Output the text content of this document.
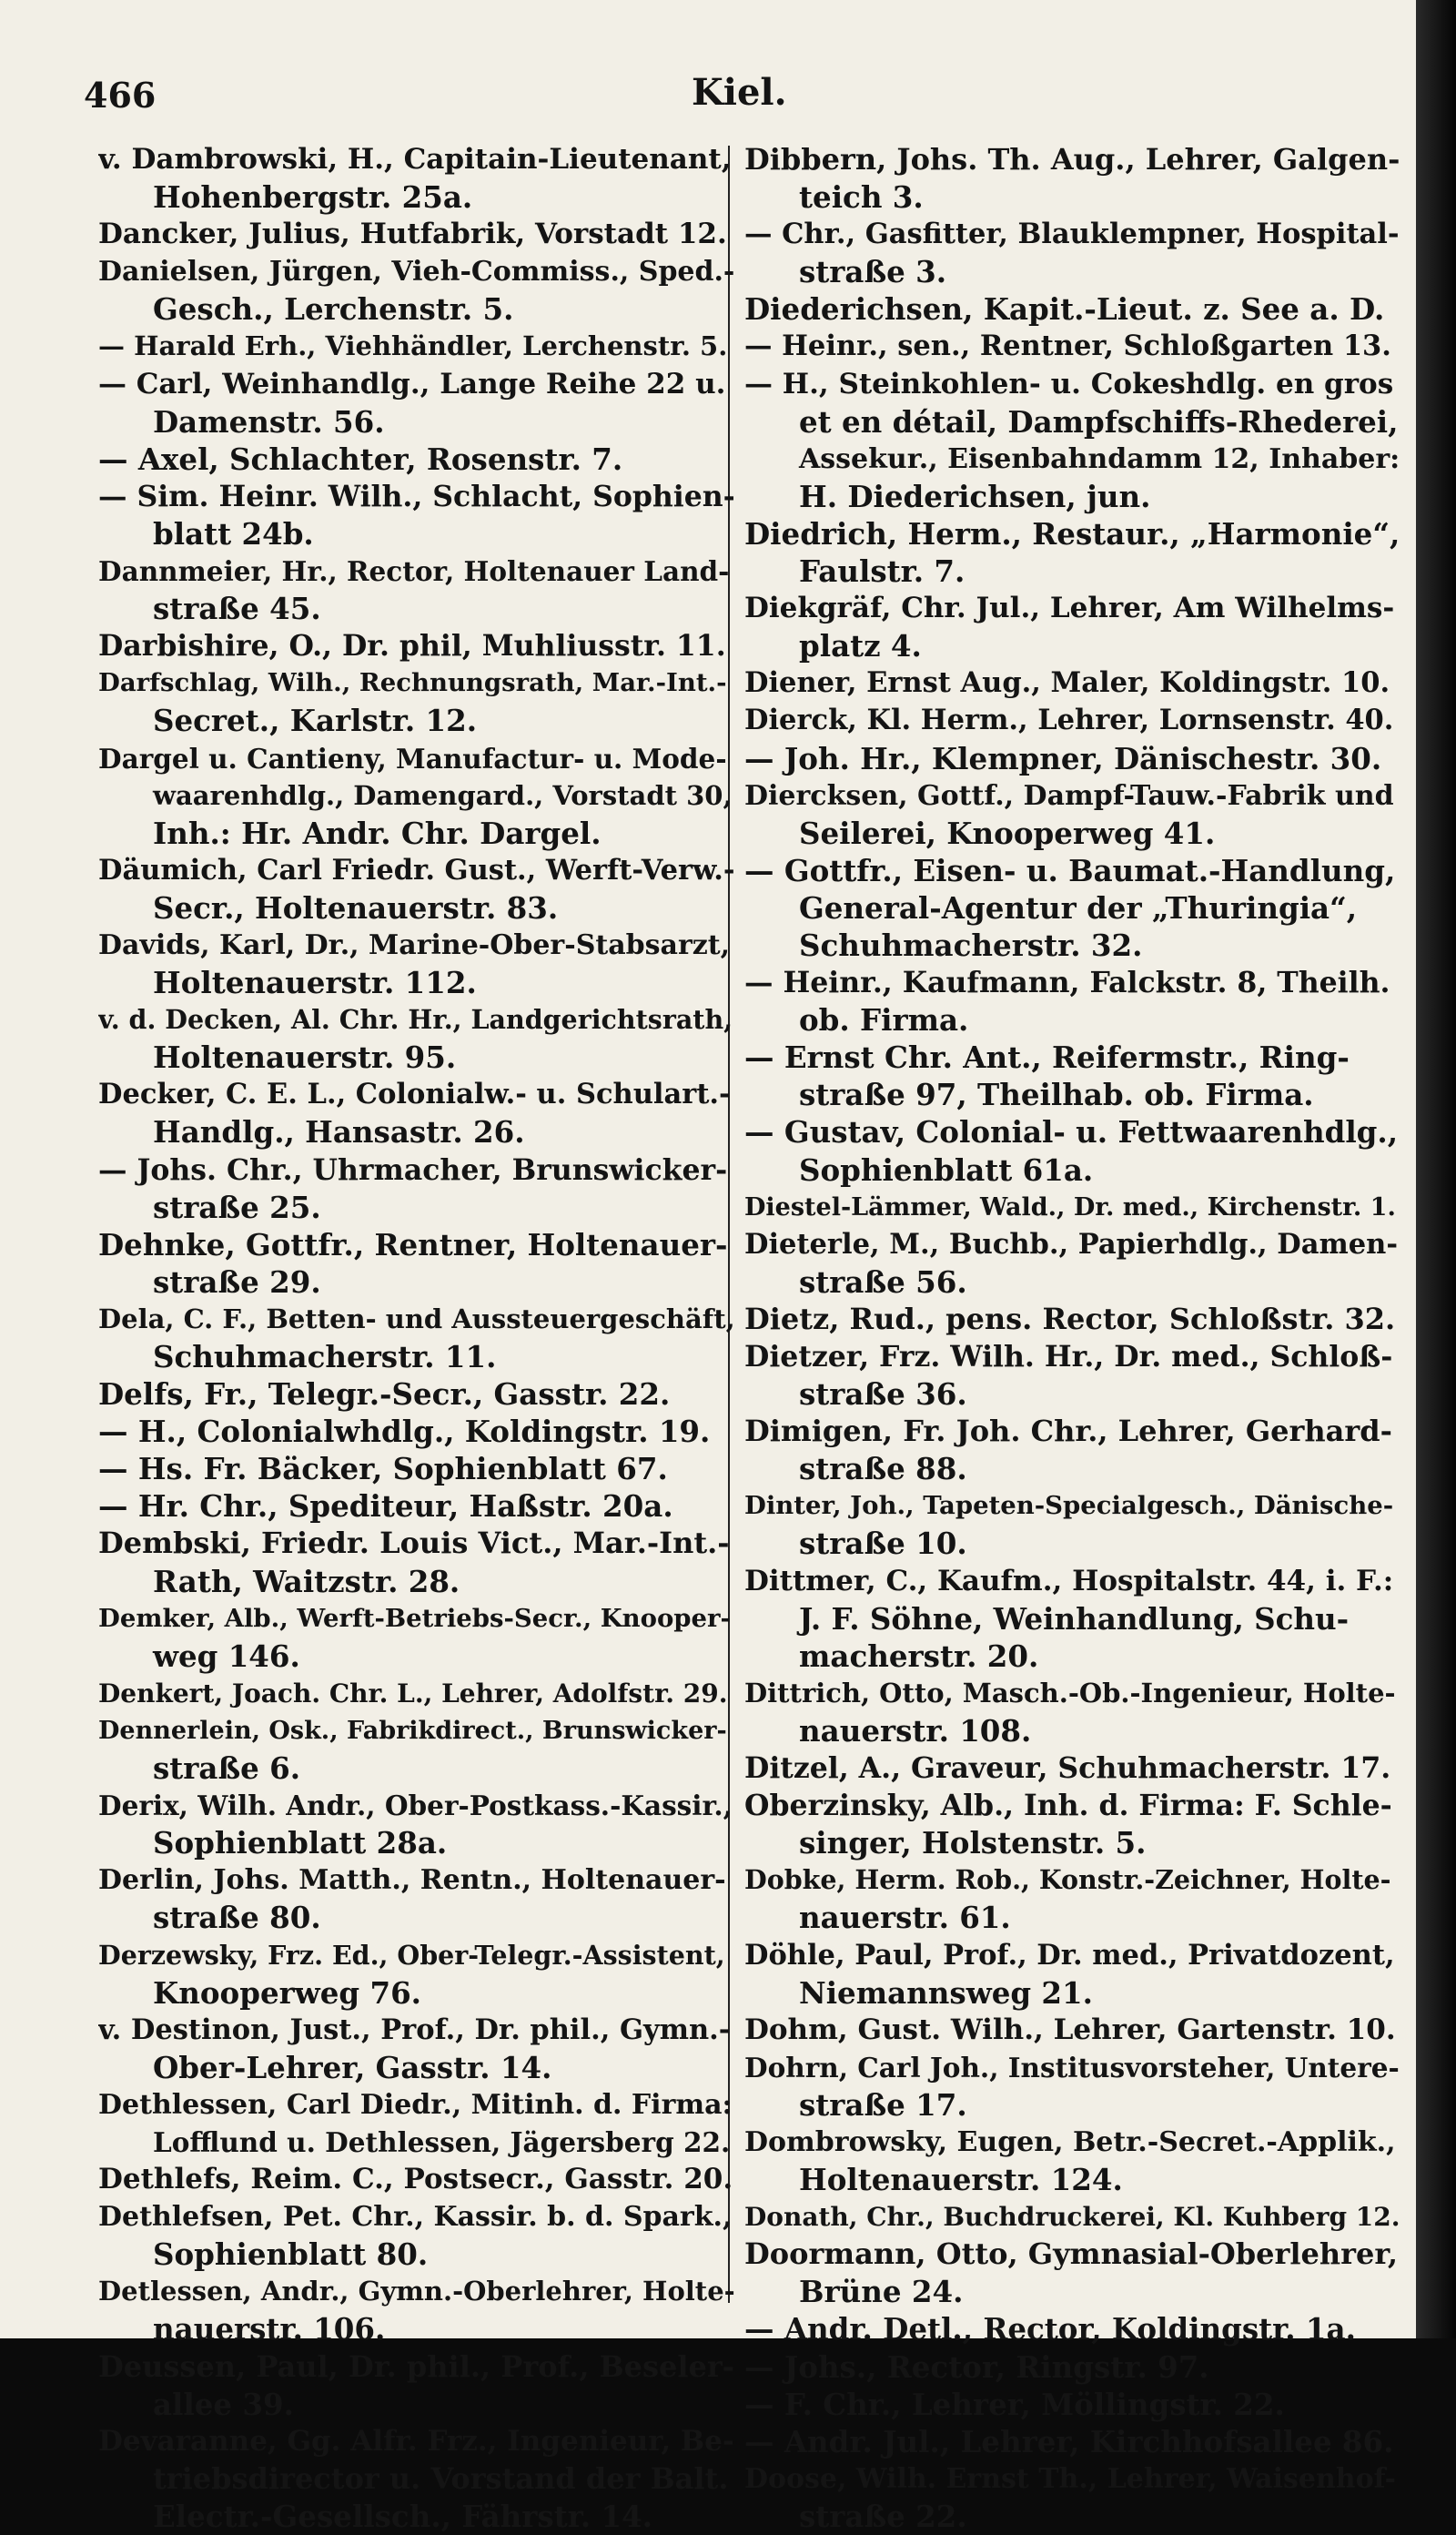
466	Kiel.
v. Dambrowski, H., Capitain-Lieutenant,
Hohenbergstr. 25a.
Dancker, Julius, Hutfabrik, Vorstadt 12.
Danielsen, Jürgen, Vieh-Commiss., Sped.-
Gesch., Lerchenstr. 5.
— Harald Erh., Viehhändler, Lerchenstr. 5.
— Carl, Weinhandlg., Lange Reihe 22 u.
Damenstr. 56.
— Axel, Schlachter, Rosenstr. 7.
— Sim. Heinr. Wilh., Schlacht, Sophien-
blatt 24b.
Dannmeier, Hr., Rector, Holtenauer Land-
straße 45.
Darbishire, O., Dr. phil, Muhliusstr. 11.
Darfschlag, Wilh., Rechnungsrath, Mar.-Int.-
Secret., Karlstr. 12.
Dargel u. Cantieny, Manufactur- u. Mode-
waarenhdlg., Damengard., Vorstadt 30,
Inh.: Hr. Andr. Chr. Dargel.
Däumich, Carl Friedr. Gust., Werft-Verw.-
Secr., Holtenauerstr. 83.
Davids, Karl, Dr., Marine-Ober-Stabsarzt,
Holtenauerstr. 112.
v. d. Decken, Al. Chr. Hr., Landgerichtsrath,
Holtenauerstr. 95.
Decker, C. E. L., Colonialw.- u. Schulart.-
Handlg., Hansastr. 26.
— Johs. Chr., Uhrmacher, Brunswicker-
straße 25.
Dehnke, Gottfr., Rentner, Holtenauer-
straße 29.
Dela, C. F., Betten- und Aussteuergeschäft,
Schuhmacherstr. 11.
Delfs, Fr., Telegr.-Secr., Gasstr. 22.
— H., Colonialwhdlg., Koldingstr. 19.
— Hs. Fr. Bäcker, Sophienblatt 67.
— Hr. Chr., Spediteur, Haßstr. 20a.
Dembski, Friedr. Louis Vict., Mar.-Int.-
Rath, Waitzstr. 28.
Demker, Alb., Werft-Betriebs-Secr., Knooper-
weg 146.
Denkert, Joach. Chr. L., Lehrer, Adolfstr. 29.
Dennerlein, Osk., Fabrikdirect., Brunswicker-
straße 6.
Derix, Wilh. Andr., Ober-Postkass.-Kassir.,
Sophienblatt 28a.
Derlin, Johs. Matth., Rentn., Holtenauer-
straße 80.
Derzewsky, Frz. Ed., Ober-Telegr.-Assistent,
Knooperweg 76.
v. Destinon, Just., Prof., Dr. phil., Gymn.-
Ober-Lehrer, Gasstr. 14.
Dethlessen, Carl Diedr., Mitinh. d. Firma:
Lofflund u. Dethlessen, Jägersberg 22.
Dethlefs, Reim. C., Postsecr., Gasstr. 20.
Dethlefsen, Pet. Chr., Kassir. b. d. Spark.,
Sophienblatt 80.
Detlessen, Andr., Gymn.-Oberlehrer, Holte-
nauerstr. 106.
Deussen, Paul, Dr. phil., Prof., Beseler-
allee 39.
Devaranne, Gg. Alfr. Frz., Ingenieur, Be-
triebsdirector u. Vorstand der Balt.
Electr.-Gesellsch., Fährstr. 14.
Dibbern, Johs. Th. Aug., Lehrer, Galgen-
teich 3.
— Chr., Gasfitter, Blauklempner, Hospital-
straße 3.
Diederichsen, Kapit.-Lieut. z. See a. D.
— Heinr., sen., Rentner, Schloßgarten 13.
— H., Steinkohlen- u. Cokeshdlg. en gros
et en détail, Dampfschiffs-Rhederei,
Assekur., Eisenbahndamm 12, Inhaber:
H. Diederichsen, jun.
Diedrich, Herm., Restaur., „Harmonie“,
Faulstr. 7.
Diekgräf, Chr. Jul., Lehrer, Am Wilhelms-
platz 4.
Diener, Ernst Aug., Maler, Koldingstr. 10.
Dierck, Kl. Herm., Lehrer, Lornsenstr. 40.
— Joh. Hr., Klempner, Dänischestr. 30.
Diercksen, Gottf., Dampf-Tauw.-Fabrik und
Seilerei, Knooperweg 41.
— Gottfr., Eisen- u. Baumat.-Handlung,
General-Agentur der „Thuringia“,
Schuhmacherstr. 32.
— Heinr., Kaufmann, Falckstr. 8, Theilh.
ob. Firma.
— Ernst Chr. Ant., Reifermstr., Ring-
straße 97, Theilhab. ob. Firma.
— Gustav, Colonial- u. Fettwaarenhdlg.,
Sophienblatt 61a.
Diestel-Lämmer, Wald., Dr. med., Kirchenstr. 1.
Dieterle, M., Buchb., Papierhdlg., Damen-
straße 56.
Dietz, Rud., pens. Rector, Schloßstr. 32.
Dietzer, Frz. Wilh. Hr., Dr. med., Schloß-
straße 36.
Dimigen, Fr. Joh. Chr., Lehrer, Gerhard-
straße 88.
Dinter, Joh., Tapeten-Specialgesch., Dänische-
straße 10.
Dittmer, C., Kaufm., Hospitalstr. 44, i. F.:
J. F. Söhne, Weinhandlung, Schu-
macherstr. 20.
Dittrich, Otto, Masch.-Ob.-Ingenieur, Holte-
nauerstr. 108.
Ditzel, A., Graveur, Schuhmacherstr. 17.
Oberzinsky, Alb., Inh. d. Firma: F. Schle-
singer, Holstenstr. 5.
Dobke, Herm. Rob., Konstr.-Zeichner, Holte-
nauerstr. 61.
Döhle, Paul, Prof., Dr. med., Privatdozent,
Niemannsweg 21.
Dohm, Gust. Wilh., Lehrer, Gartenstr. 10.
Dohrn, Carl Joh., Institusvorsteher, Untere-
straße 17.
Dombrowsky, Eugen, Betr.-Secret.-Applik.,
Holtenauerstr. 124.
Donath, Chr., Buchdruckerei, Kl. Kuhberg 12.
Doormann, Otto, Gymnasial-Oberlehrer,
Brüne 24.
— Andr. Detl., Rector, Koldingstr. 1a.
— Johs., Rector, Ringstr. 97.
— F. Chr., Lehrer, Möllingstr. 22.
— Andr. Jul., Lehrer, Kirchhofsallee 86.
Doose, Wilh. Ernst Th., Lehrer, Waisenhof-
straße 22.
